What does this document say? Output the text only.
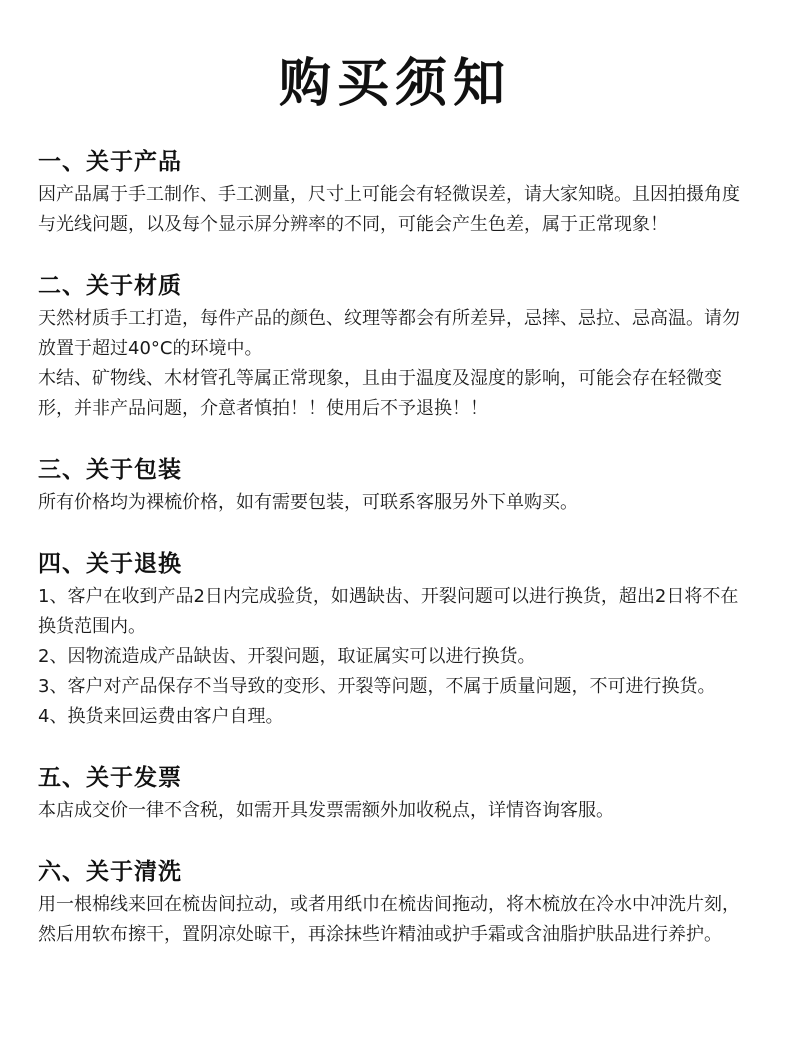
购买须知
一、关于产品

因产品属于手工制作、手工测量，尺寸上可能会有轻微误差，请大家知晓。且因拍摄角度与光线问题，以及每个显示屏分辨率的不同，可能会产生色差，属于正常现象！

二、关于材质

天然材质手工打造，每件产品的颜色、纹理等都会有所差异，忌摔、忌拉、忌高温。请勿放置于超过40°C的环境中。

木结、矿物线、木材管孔等属正常现象，且由于温度及湿度的影响，可能会存在轻微变形，并非产品问题，介意者慎拍！！使用后不予退换！！

三、关于包装

所有价格均为裸梳价格，如有需要包装，可联系客服另外下单购买。

四、关于退换

1、客户在收到产品2日内完成验货，如遇缺齿、开裂问题可以进行换货，超出2日将不在换货范围内。

2、因物流造成产品缺齿、开裂问题，取证属实可以进行换货。

3、客户对产品保存不当导致的变形、开裂等问题，不属于质量问题，不可进行换货。

4、换货来回运费由客户自理。

五、关于发票

本店成交价一律不含税，如需开具发票需额外加收税点，详情咨询客服。

六、关于清洗

用一根棉线来回在梳齿间拉动，或者用纸巾在梳齿间拖动，将木梳放在冷水中冲洗片刻，然后用软布擦干，置阴凉处晾干，再涂抹些许精油或护手霜或含油脂护肤品进行养护。
